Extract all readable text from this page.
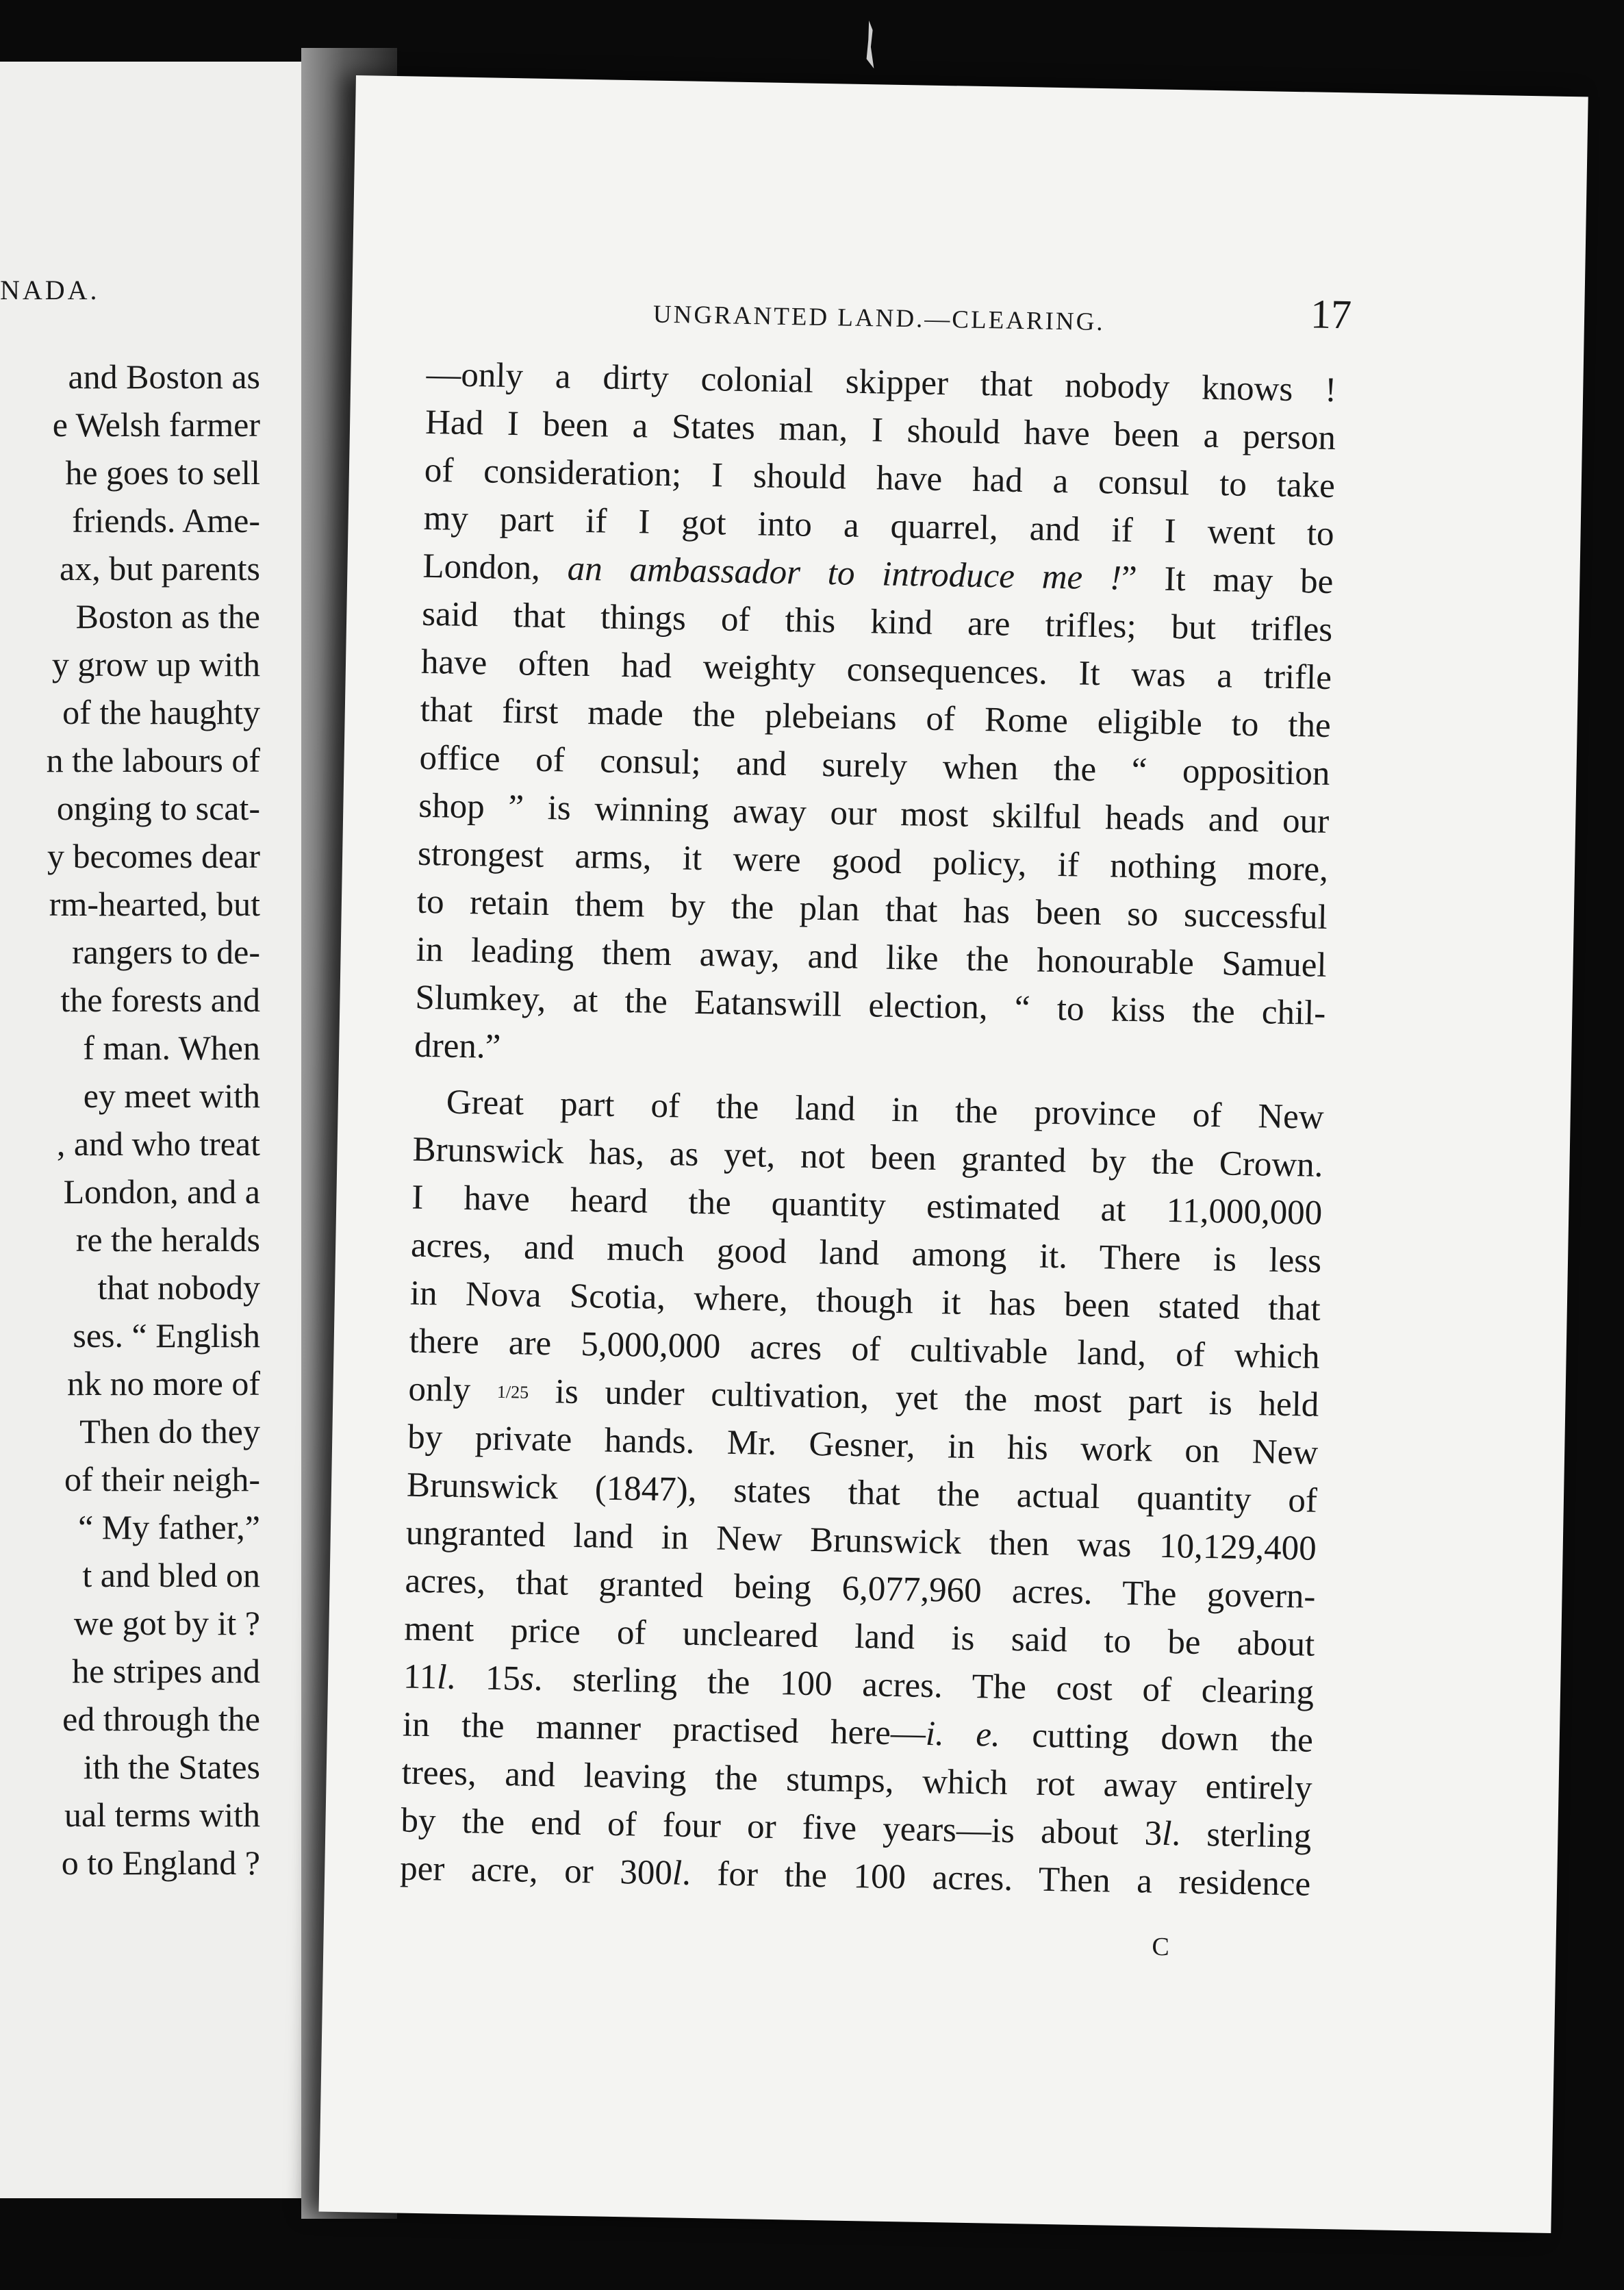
NADA.
and Boston as
e Welsh farmer
he goes to sell
friends. Ame-
ax, but parents
Boston as the
y grow up with
of the haughty
n the labours of
onging to scat-
y becomes dear
rm-hearted, but
rangers to de-
the forests and
f man. When
ey meet with
, and who treat
London, and a
re the heralds
that nobody
ses. “ English
nk no more of
Then do they
of their neigh-
“ My father,”
t and bled on
we got by it ?
he stripes and
ed through the
ith the States
ual terms with
o to England ?
UNGRANTED LAND.—CLEARING.	17
—only a dirty colonial skipper that nobody knows !
Had I been a States man, I should have been a person
of consideration; I should have had a consul to take
my part if I got into a quarrel, and if I went to
London, an ambassador to introduce me !” It may be
said that things of this kind are trifles; but trifles
have often had weighty consequences. It was a trifle
that first made the plebeians of Rome eligible to the
office of consul; and surely when the “ opposition
shop ” is winning away our most skilful heads and our
strongest arms, it were good policy, if nothing more,
to retain them by the plan that has been so successful
in leading them away, and like the honourable Samuel
Slumkey, at the Eatanswill election, “ to kiss the chil-
dren.”
Great part of the land in the province of New
Brunswick has, as yet, not been granted by the Crown.
I have heard the quantity estimated at 11,000,000
acres, and much good land among it. There is less
in Nova Scotia, where, though it has been stated that
there are 5,000,000 acres of cultivable land, of which
only 1/25 is under cultivation, yet the most part is held
by private hands. Mr. Gesner, in his work on New
Brunswick (1847), states that the actual quantity of
ungranted land in New Brunswick then was 10,129,400
acres, that granted being 6,077,960 acres. The govern-
ment price of uncleared land is said to be about
11l. 15s. sterling the 100 acres. The cost of clearing
in the manner practised here—i. e. cutting down the
trees, and leaving the stumps, which rot away entirely
by the end of four or five years—is about 3l. sterling
per acre, or 300l. for the 100 acres. Then a residence
C
